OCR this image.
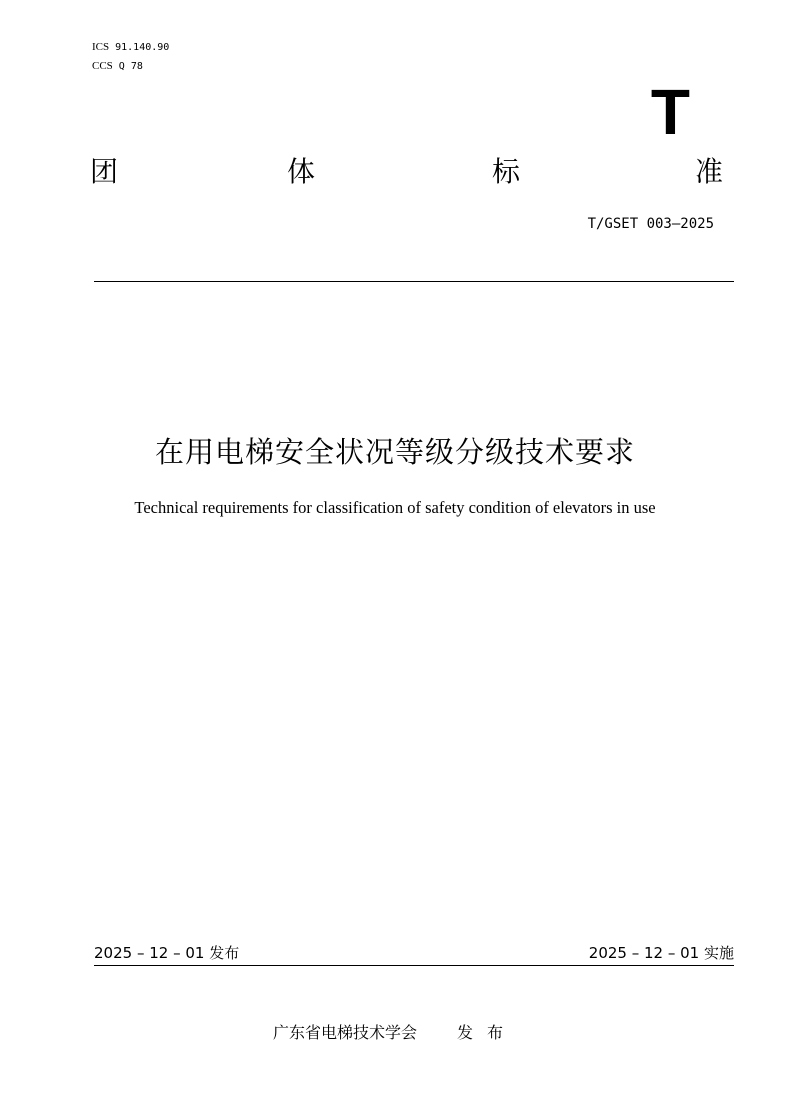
ICS 91.140.90
CCS Q 78
T
团	体	标	准
T/GSET 003—2025
在用电梯安全状况等级分级技术要求
Technical requirements for classification of safety condition of elevators in use
2025 – 12 – 01 发布	2025 – 12 – 01 实施
广东省电梯技术学会	发布
